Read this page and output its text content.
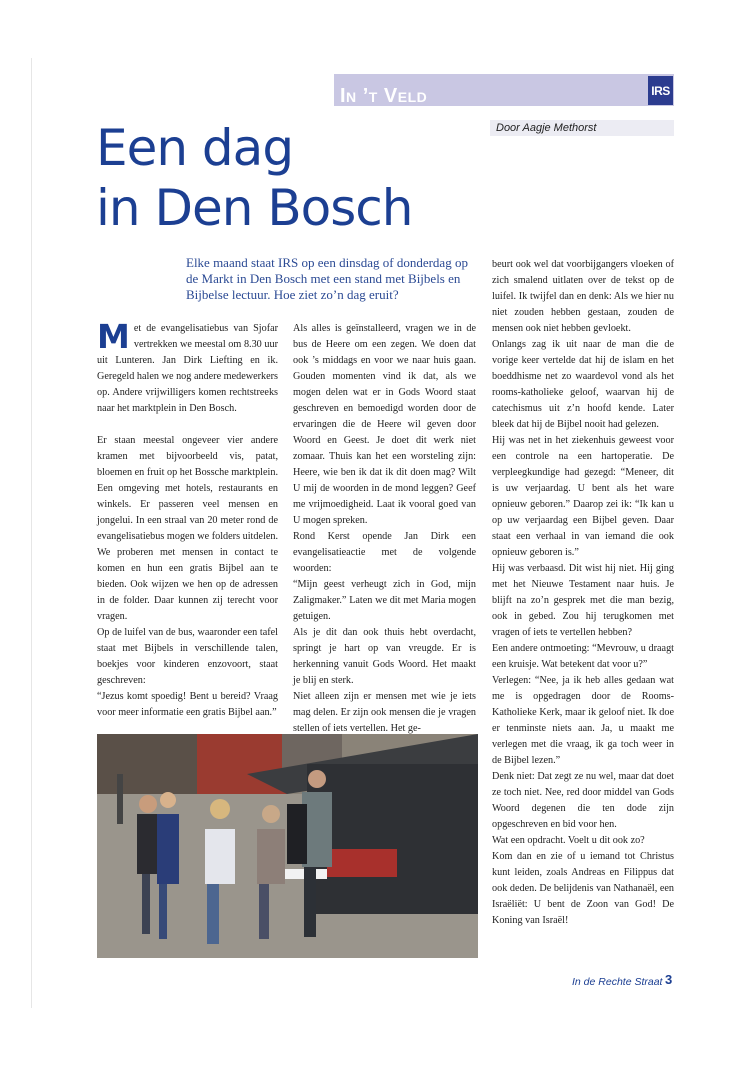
In ’t Veld	IRS
Door Aagje Methorst
Een dag
in Den Bosch

Elke maand staat IRS op een dinsdag of donderdag op de Markt in Den Bosch met een stand met Bijbels en Bijbelse lectuur. Hoe ziet zo’n dag eruit?

Met de evangelisatiebus van Sjofar vertrekken we meestal om 8.30 uur uit Lunteren. Jan Dirk Liefting en ik. Geregeld halen we nog andere medewerkers op. Andere vrijwilligers komen rechtstreeks naar het marktplein in Den Bosch.

Er staan meestal ongeveer vier andere kramen met bijvoorbeeld vis, patat, bloemen en fruit op het Bossche marktplein. Een omgeving met hotels, restaurants en winkels. Er passeren veel mensen en jongelui. In een straal van 20 meter rond de evangelisatiebus mogen we folders uitdelen. We proberen met mensen in contact te komen en hun een gratis Bijbel aan te bieden. Ook wijzen we hen op de adressen in de folder. Daar kunnen zij terecht voor vragen.

Op de luifel van de bus, waaronder een tafel staat met Bijbels in verschillende talen, boekjes voor kinderen enzovoort, staat geschreven:

“Jezus komt spoedig! Bent u bereid? Vraag voor meer informatie een gratis Bijbel aan.”

Als alles is geïnstalleerd, vragen we in de bus de Heere om een zegen. We doen dat ook ’s middags en voor we naar huis gaan. Gouden momenten vind ik dat, als we mogen delen wat er in Gods Woord staat geschreven en bemoedigd worden door de ervaringen die de Heere wil geven door Woord en Geest. Je doet dit werk niet zomaar. Thuis kan het een worsteling zijn: Heere, wie ben ik dat ik dit doen mag? Wilt U mij de woorden in de mond leggen? Geef me vrijmoedigheid. Laat ik vooral goed van U mogen spreken.

Rond Kerst opende Jan Dirk een evangelisatieactie met de volgende woorden:

“Mijn geest verheugt zich in God, mijn Zaligmaker.” Laten we dit met Maria mogen getuigen.

Als je dit dan ook thuis hebt overdacht, springt je hart op van vreugde. Er is herkenning vanuit Gods Woord. Het maakt je blij en sterk.

Niet alleen zijn er mensen met wie je iets mag delen. Er zijn ook mensen die je vragen stellen of iets vertellen. Het ge-

beurt ook wel dat voorbijgangers vloeken of zich smalend uitlaten over de tekst op de luifel. Ik twijfel dan en denk: Als we hier nu niet zouden hebben gestaan, zouden de mensen ook niet hebben gevloekt.

Onlangs zag ik uit naar de man die de vorige keer vertelde dat hij de islam en het boeddhisme net zo waardevol vond als het rooms-katholieke geloof, waarvan hij de catechismus uit z’n hoofd kende. Later bleek dat hij de Bijbel nooit had gelezen.

Hij was net in het ziekenhuis geweest voor een controle na een hartoperatie. De verpleegkundige had gezegd: “Meneer, dit is uw verjaardag. U bent als het ware opnieuw geboren.” Daarop zei ik: “Ik kan u op uw verjaardag een Bijbel geven. Daar staat een verhaal in van iemand die ook opnieuw geboren is.”

Hij was verbaasd. Dit wist hij niet. Hij ging met het Nieuwe Testament naar huis. Je blijft na zo’n gesprek met die man bezig, ook in gebed. Zou hij terugkomen met vragen of iets te vertellen hebben?

Een andere ontmoeting: “Mevrouw, u draagt een kruisje. Wat betekent dat voor u?”

Verlegen: “Nee, ja ik heb alles gedaan wat me is opgedragen door de Rooms-Katholieke Kerk, maar ik geloof niet. Ik doe er tenminste niets aan. Ja, u maakt me verlegen met die vraag, ik ga toch weer in de Bijbel lezen.”

Denk niet: Dat zegt ze nu wel, maar dat doet ze toch niet. Nee, red door middel van Gods Woord degenen die ten dode zijn opgeschreven en bid voor hen.

Wat een opdracht. Voelt u dit ook zo?

Kom dan en zie of u iemand tot Christus kunt leiden, zoals Andreas en Filippus dat ook deden. De belijdenis van Nathanaël, een Israëliët: U bent de Zoon van God! De Koning van Israël!

In de Rechte Straat 3
